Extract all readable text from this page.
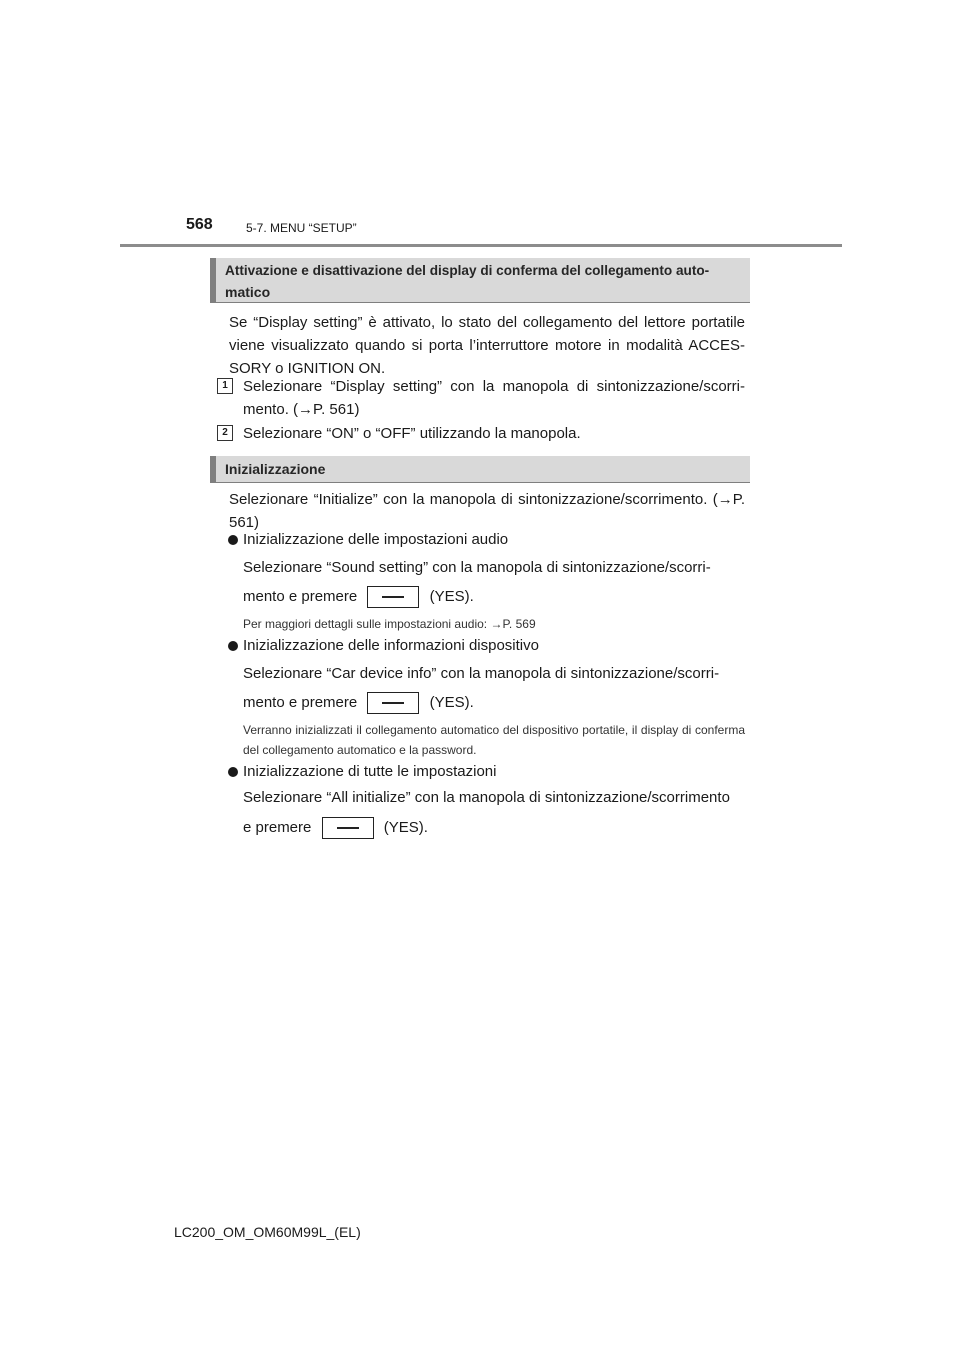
568	5-7. MENU “SETUP”
Attivazione e disattivazione del display di conferma del collegamento auto-
matico
Se “Display setting” è attivato, lo stato del collegamento del lettore portatile viene visualizzato quando si porta l’interruttore motore in modalità ACCES- SORY o IGNITION ON.
1	Selezionare “Display setting” con la manopola di sintonizzazione/scorri- mento. (→P. 561)
2	Selezionare “ON” o “OFF” utilizzando la manopola.
Inizializzazione
Selezionare “Initialize” con la manopola di sintonizzazione/scorrimento. (→P. 561)
Inizializzazione delle impostazioni audio
Selezionare “Sound setting” con la manopola di sintonizzazione/scorri-
mento e premere	(YES).
Per maggiori dettagli sulle impostazioni audio: →P. 569
Inizializzazione delle informazioni dispositivo
Selezionare “Car device info” con la manopola di sintonizzazione/scorri-
mento e premere	(YES).
Verranno inizializzati il collegamento automatico del dispositivo portatile, il display di conferma del collegamento automatico e la password.
Inizializzazione di tutte le impostazioni
Selezionare “All initialize” con la manopola di sintonizzazione/scorrimento
e premere	(YES).
LC200_OM_OM60M99L_(EL)
